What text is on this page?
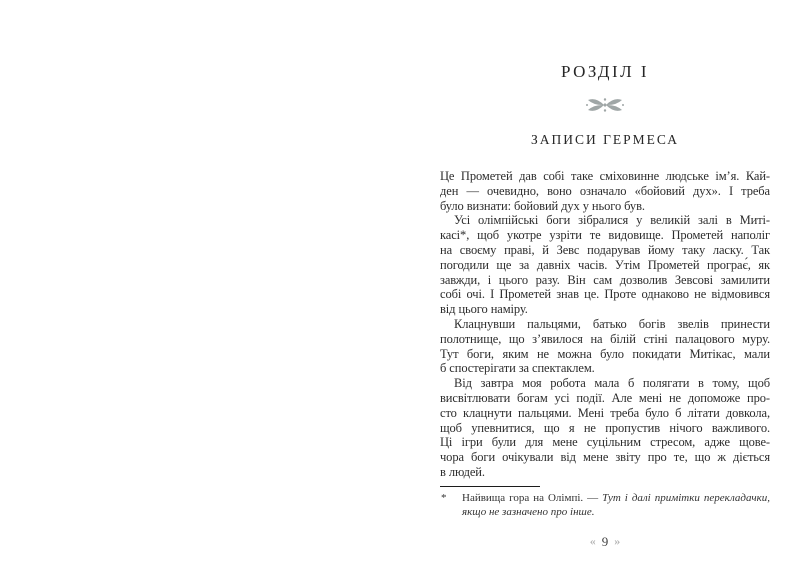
РОЗДІЛ І
ЗАПИСИ ГЕРМЕСА
Це Прометей дав собі таке сміховинне людське ім’я. Кай-
ден — очевидно, воно означало «бойовий дух». І треба
було визнати: бойовий дух у нього був.
Усі олімпійські боги зібралися у великій залі в Миті-
касі*, щоб укотре узріти те видовище. Прометей наполіг
на своєму праві, й Зевс подарував йому таку ласку. Так
погодили ще за давніх часів. Утім Прометей програє́, як
завжди, і цього разу. Він сам дозволив Зевсові замилити
собі очі. І Прометей знав це. Проте однаково не відмовився
від цього наміру.
Клацнувши пальцями, батько богів звелів принести
полотнище, що з’явилося на білій стіні палацового муру.
Тут боги, яким не можна було покидати Митікас, мали
б спостерігати за спектаклем.
Від завтра моя робота мала б полягати в тому, щоб
висвітлювати богам усі події. Але мені не допоможе про-
сто клацнути пальцями. Мені треба було б літати довкола,
щоб упевнитися, що я не пропустив нічого важливого.
Ці ігри були для мене суцільним стресом, адже щове-
чора боги очікували від мене звіту про те, що ж діється
в людей.
* Найвища гора на Олімпі. — Тут і далі примітки перекладачки,
якщо не зазначено про інше.
« 9 »
